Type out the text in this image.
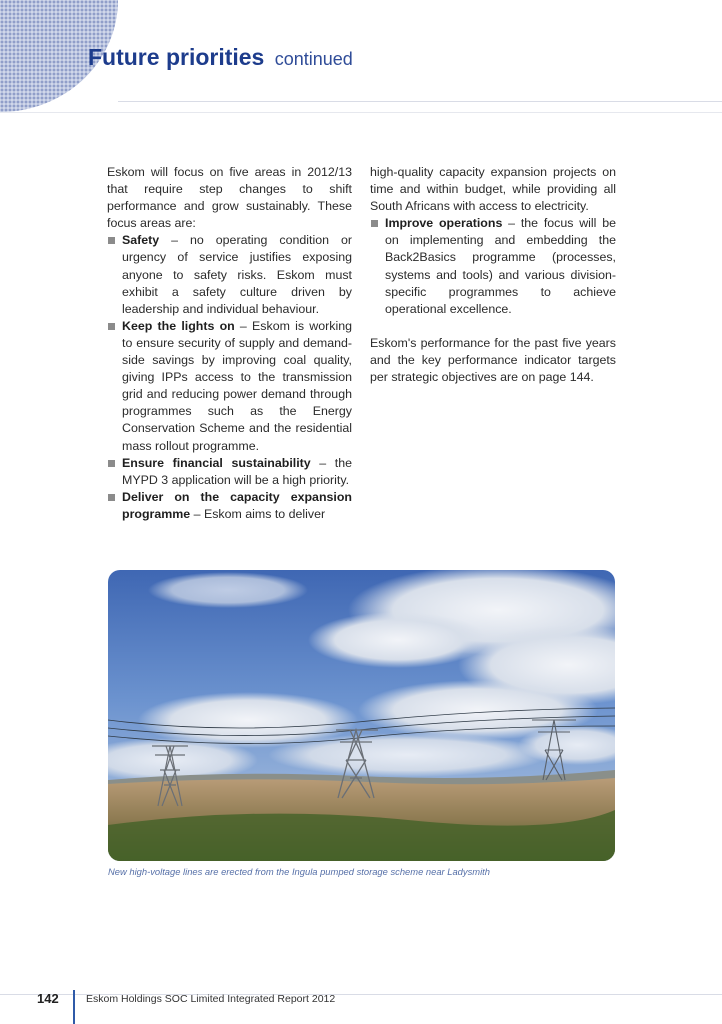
Future priorities continued

Eskom will focus on five areas in 2012/13 that require step changes to shift performance and grow sustainably. These focus areas are:

Safety – no operating condition or urgency of service justifies exposing anyone to safety risks. Eskom must exhibit a safety culture driven by leadership and individual behaviour.
Keep the lights on – Eskom is working to ensure security of supply and demand-side savings by improving coal quality, giving IPPs access to the transmission grid and reducing power demand through programmes such as the Energy Conservation Scheme and the residential mass rollout programme.
Ensure financial sustainability – the MYPD 3 application will be a high priority.
Deliver on the capacity expansion programme – Eskom aims to deliver

high-quality capacity expansion projects on time and within budget, while providing all South Africans with access to electricity.

Improve operations – the focus will be on implementing and embedding the Back2Basics programme (processes, systems and tools) and various division-specific programmes to achieve operational excellence.

Eskom's performance for the past five years and the key performance indicator targets per strategic objectives are on page 144.

New high-voltage lines are erected from the Ingula pumped storage scheme near Ladysmith
142	Eskom Holdings SOC Limited Integrated Report 2012
